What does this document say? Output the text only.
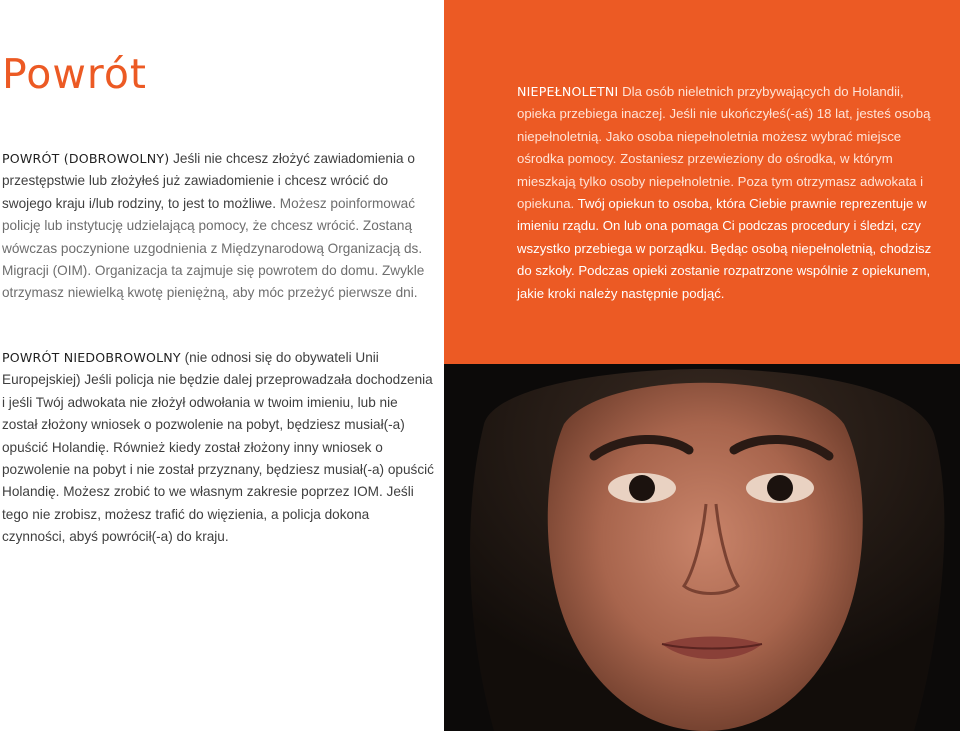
Powrót

POWRÓT (DOBROWOLNY) Jeśli nie chcesz złożyć zawiadomienia o przestępstwie lub złożyłeś już zawiadomienie i chcesz wrócić do swojego kraju i/lub rodziny, to jest to możliwe. Możesz poinformować policję lub instytucję udzielającą pomocy, że chcesz wrócić. Zostaną wówczas poczynione uzgodnienia z Międzynarodową Organizacją ds. Migracji (OIM). Organizacja ta zajmuje się powrotem do domu. Zwykle otrzymasz niewielką kwotę pieniężną, aby móc przeżyć pierwsze dni.

POWRÓT NIEDOBROWOLNY (nie odnosi się do obywateli Unii Europejskiej) Jeśli policja nie będzie dalej przeprowadzała dochodzenia i jeśli Twój adwokata nie złożył odwołania w twoim imieniu, lub nie został złożony wniosek o pozwolenie na pobyt, będziesz musiał(-a) opuścić Holandię. Również kiedy został złożony inny wniosek o pozwolenie na pobyt i nie został przyznany, będziesz musiał(-a) opuścić Holandię. Możesz zrobić to we własnym zakresie poprzez IOM. Jeśli tego nie zrobisz, możesz trafić do więzienia, a policja dokona czynności, abyś powrócił(-a) do kraju.

NIEPEŁNOLETNI Dla osób nieletnich przybywających do Holandii, opieka przebiega inaczej. Jeśli nie ukończyłeś(-aś) 18 lat, jesteś osobą niepełnoletnią. Jako osoba niepełnoletnia możesz wybrać miejsce ośrodka pomocy. Zostaniesz przewieziony do ośrodka, w którym mieszkają tylko osoby niepełnoletnie. Poza tym otrzymasz adwokata i opiekuna. Twój opiekun to osoba, która Ciebie prawnie reprezentuje w imieniu rządu. On lub ona pomaga Ci podczas procedury i śledzi, czy wszystko przebiega w porządku. Będąc osobą niepełnoletnią, chodzisz do szkoły. Podczas opieki zostanie rozpatrzone wspólnie z opiekunem, jakie kroki należy następnie podjąć.
